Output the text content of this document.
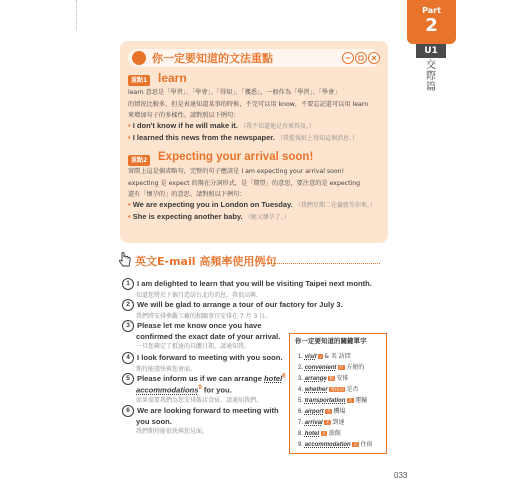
Part
2
U1
交際篇
你一定要知道的文法重點
重點1 learn
learn 意思是「學習」、「學會」、「得知」、「獲悉」，一般作為「學習」、「學會」
的情況比較多，但是表達知道某事的時候，不完可以用 know，不要忘記還可以用 learn
來增加句子的多樣性。請對照以下例句：
• I don't know if he will make it. （我不知道他是否來得及。）
• I learned this news from the newspaper. （我從報紙上得知這個消息。）
重點2 Expecting your arrival soon!
實際上這是個省略句，完整的句子應該是 I am expecting your arrival soon!
expecting 是 expect 的現在分詞形式，是「期望」的意思，要注意的是 expecting
還有「懷孕的」的意思。請對照以下例句：
• We are expecting you in London on Tuesday. （我們星期二在倫敦等你來。）
• She is expecting another baby. （她又懷孕了。）
英文E-mail 高頻率使用例句
1 I am delighted to learn that you will be visiting Taipei next month.
知道您將於下個月造訪台北的消息，我很高興。
2 We will be glad to arrange a tour of our factory for July 3.
我們將安排參觀工廠的相關事宜安排在 7 月 3 日。
3 Please let me know once you have
confirmed the exact date of your arrival.
一旦您確定了抵達的具體日期，請通知我。
4 I look forward to meeting with you soon.
期待能儘快與您會面。
5 Please inform us if we can arrange hotel$^8$
accommodations$^9$ for you.
如果需要我們為您安排飯店食宿，請通知我們。
6 We are looking forward to meeting with
you soon.
我們期待能很快與您見面。
你一定要知道的關鍵單字
1. visit v & 名 訪問
2. convenient 形 方便的
3. arrange 動 安排
4. whether 連接詞 是否
5. transportation 名 運輸
6. airport 名 機場
7. arrival 名 到達
8. hotel 名 旅館
9. accommodation 名 住宿
033
